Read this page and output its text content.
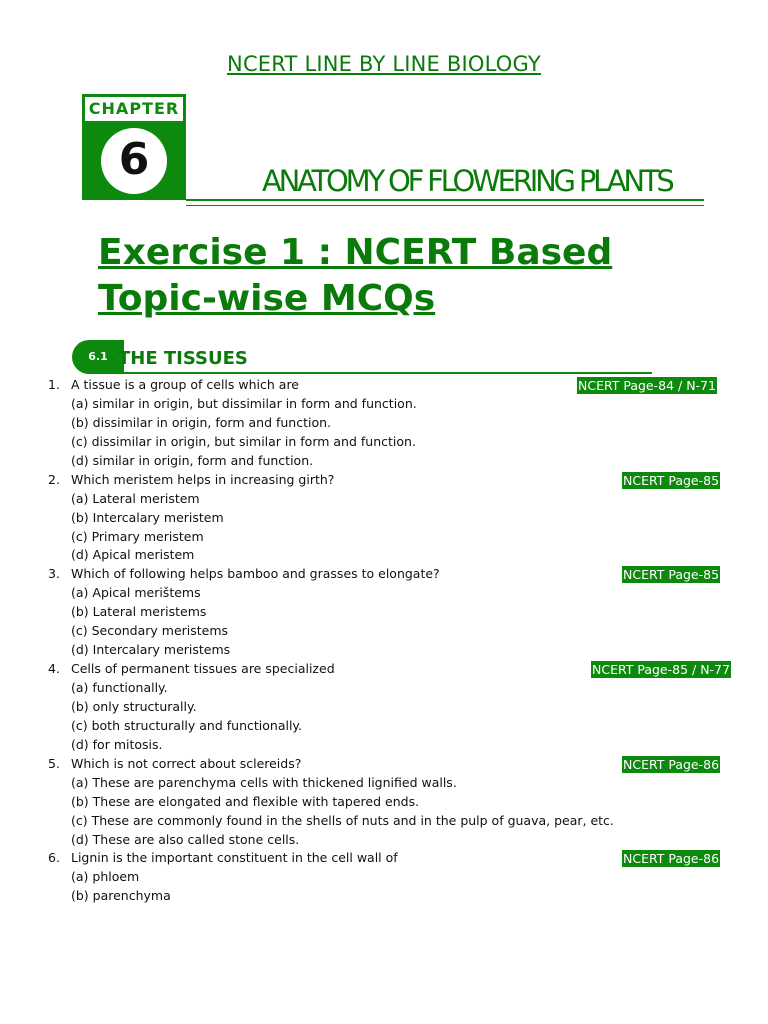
NCERT LINE BY LINE BIOLOGY
CHAPTER
6	ANATOMY OF FLOWERING PLANTS
Exercise 1 : NCERT Based
Topic-wise MCQs
6.1 THE TISSUES
1. A tissue is a group of cells which are	NCERT Page-84 / N-71
(a) similar in origin, but dissimilar in form and function.
(b) dissimilar in origin, form and function.
(c) dissimilar in origin, but similar in form and function.
(d) similar in origin, form and function.
2. Which meristem helps in increasing girth?	NCERT Page-85
(a) Lateral meristem
(b) Intercalary meristem
(c) Primary meristem
(d) Apical meristem
3. Which of following helps bamboo and grasses to elongate?	NCERT Page-85
(a) Apical merištems
(b) Lateral meristems
(c) Secondary meristems
(d) Intercalary meristems
4. Cells of permanent tissues are specialized	NCERT Page-85 / N-77
(a) functionally.
(b) only structurally.
(c) both structurally and functionally.
(d) for mitosis.
5. Which is not correct about sclereids?	NCERT Page-86
(a) These are parenchyma cells with thickened lignified walls.
(b) These are elongated and flexible with tapered ends.
(c) These are commonly found in the shells of nuts and in the pulp of guava, pear, etc.
(d) These are also called stone cells.
6. Lignin is the important constituent in the cell wall of	NCERT Page-86
(a) phloem
(b) parenchyma
